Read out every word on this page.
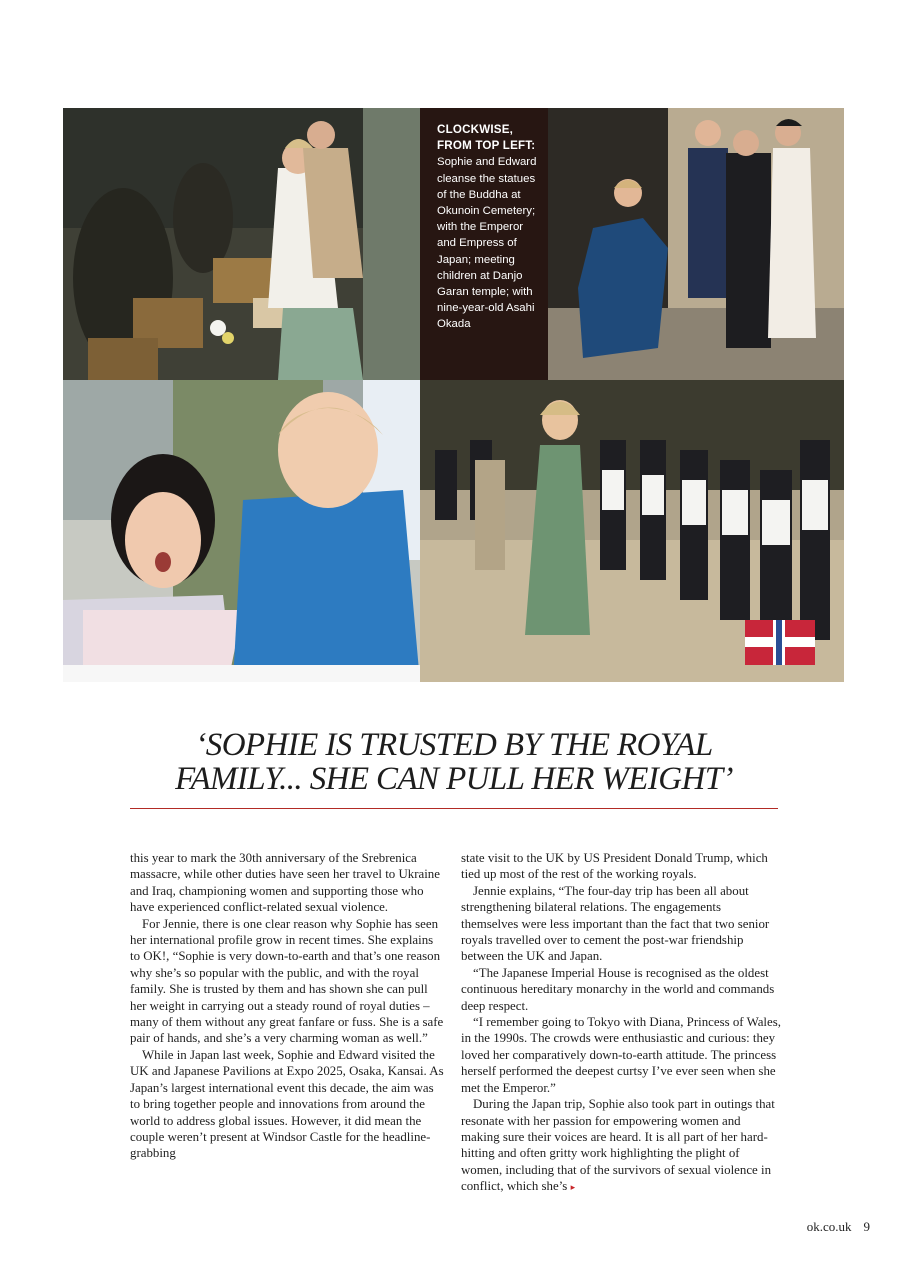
CLOCKWISE, FROM TOP LEFT: Sophie and Edward cleanse the statues of the Buddha at Okunoin Cemetery; with the Emperor and Empress of Japan; meeting children at Danjo Garan temple; with nine-year-old Asahi Okada
‘SOPHIE IS TRUSTED BY THE ROYAL FAMILY... SHE CAN PULL HER WEIGHT’

this year to mark the 30th anniversary of the Srebrenica massacre, while other duties have seen her travel to Ukraine and Iraq, championing women and supporting those who have experienced conflict-related sexual violence.

For Jennie, there is one clear reason why Sophie has seen her international profile grow in recent times. She explains to OK!, “Sophie is very down-to-earth and that’s one reason why she’s so popular with the public, and with the royal family. She is trusted by them and has shown she can pull her weight in carrying out a steady round of royal duties – many of them without any great fanfare or fuss. She is a safe pair of hands, and she’s a very charming woman as well.”

While in Japan last week, Sophie and Edward visited the UK and Japanese Pavilions at Expo 2025, Osaka, Kansai. As Japan’s largest international event this decade, the aim was to bring together people and innovations from around the world to address global issues. However, it did mean the couple weren’t present at Windsor Castle for the headline-grabbing

state visit to the UK by US President Donald Trump, which tied up most of the rest of the working royals.

Jennie explains, “The four-day trip has been all about strengthening bilateral relations. The engagements themselves were less important than the fact that two senior royals travelled over to cement the post-war friendship between the UK and Japan.

“The Japanese Imperial House is recognised as the oldest continuous hereditary monarchy in the world and commands deep respect.

“I remember going to Tokyo with Diana, Princess of Wales, in the 1990s. The crowds were enthusiastic and curious: they loved her comparatively down-to-earth attitude. The princess herself performed the deepest curtsy I’ve ever seen when she met the Emperor.”

During the Japan trip, Sophie also took part in outings that resonate with her passion for empowering women and making sure their voices are heard. It is all part of her hard-hitting and often gritty work highlighting the plight of women, including that of the survivors of sexual violence in conflict, which she’s ▸

ok.co.uk 9
